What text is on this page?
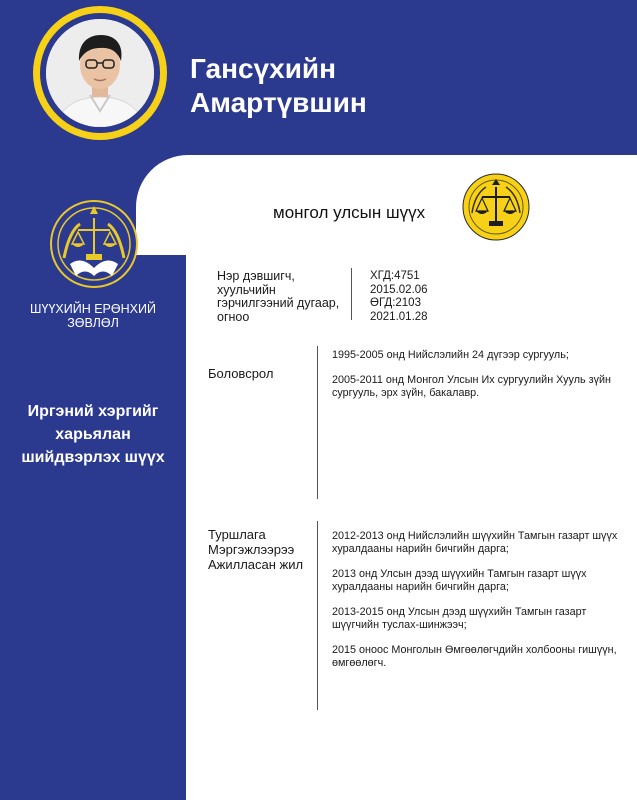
Гансүхийн
Амартүвшин
ШҮҮХИЙН ЕРӨНХИЙ
ЗӨВЛӨЛ
Иргэний хэргийг
харьялан
шийдвэрлэх шүүх
монгол улсын шүүх
Нэр дэвшигч,
хуульчийн
гэрчилгээний дугаар,
огноо
ХГД:4751
2015.02.06
ӨГД:2103
2021.01.28
Боловсрол

1995-2005 онд Нийслэлийн 24 дүгээр сургууль;

2005-2011 онд Монгол Улсын Их сургуулийн Хууль зүйн сургууль, эрх зүйн, бакалавр.

Туршлага
Мэргэжлээрээ
Ажилласан жил

2012-2013 онд Нийслэлийн шүүхийн Тамгын газарт шүүх хуралдааны нарийн бичгийн дарга;

2013 онд Улсын дээд шүүхийн Тамгын газарт шүүх хуралдааны нарийн бичгийн дарга;

2013-2015 онд Улсын дээд шүүхийн Тамгын газарт шүүгчийн туслах-шинжээч;

2015 оноос Монголын Өмгөөлөгчдийн холбооны гишүүн, өмгөөлөгч.
